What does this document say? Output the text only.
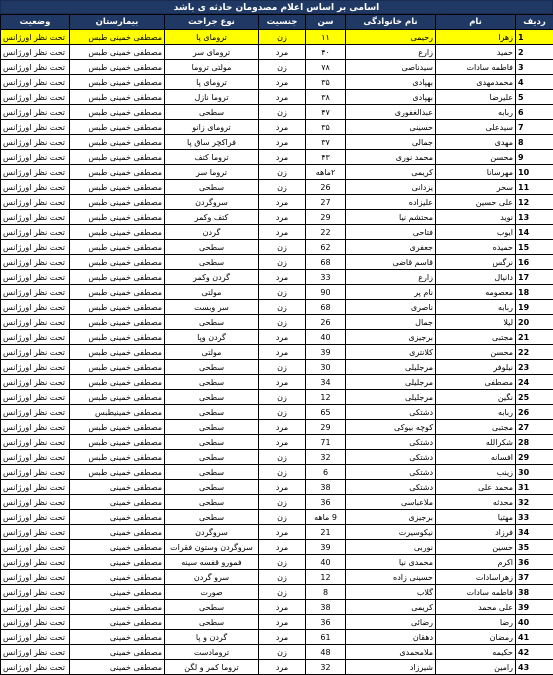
اسامی بر اساس اعلام مصدومان حادثه ی باشد
ردیف	نام	نام خانوادگی	سن	جنسیت	نوع جراحت	بیمارستان	وضعیت
1	زهرا	رحیمی	۱۱	زن	ترومای پا	مصطفی خمینی طبس	تحت نظر اورژانس
2	حمید	زارع	۴۰	مرد	ترومای سر	مصطفی خمینی طبس	تحت نظر اورژانس
3	فاطمه سادات	سیدناصی	۷۸	زن	مولتی تروما	مصطفی خمینی طبس	تحت نظر اورژانس
4	محمدمهدی	بهپادی	۳۵	مرد	ترومای پا	مصطفی خمینی طبس	تحت نظر اورژانس
5	علیرضا	بهپادی	۳۸	مرد	تروما نازل	مصطفی خمینی طبس	تحت نظر اورژانس
6	ربابه	عبدالغفوری	۴۷	زن	سطحی	مصطفی خمینی طبس	تحت نظر اورژانس
7	سیدعلی	حسینی	۳۵	مرد	ترومای زانو	مصطفی خمینی طبس	تحت نظر اورژانس
8	مهدی	جمالی	۳۷	مرد	فراکچر ساق پا	مصطفی خمینی طبس	تحت نظر اورژانس
9	محسن	محمد نوری	۴۳	مرد	تروما کتف	مصطفی خمینی طبس	تحت نظر اورژانس
10	مهرسانا	کریمی	۲ماهه	زن	تروما سر	مصطفی خمینی طبس	تحت نظر اورژانس
11	سحر	یزدانی	26	زن	سطحی	مصطفی خمینی طبس	تحت نظر اورژانس
12	علی حسین	علیزاده	27	مرد	سروگردن	مصطفی خمینی طبس	تحت نظر اورژانس
13	نوید	محتشم نیا	29	مرد	کتف وکمر	مصطفی خمینی طبس	تحت نظر اورژانس
14	ایوب	فتاحی	22	مرد	گردن	مصطفی خمینی طبس	تحت نظر اورژانس
15	حمیده	جعفری	62	زن	سطحی	مصطفی خمینی طبس	تحت نظر اورژانس
16	نرگس	قاسم قاضی	68	زن	سطحی	مصطفی خمینی طبس	تحت نظر اورژانس
17	دانیال	زارع	33	مرد	گردن وکمر	مصطفی خمینی طبس	تحت نظر اورژانس
18	معصومه	نام پر	90	زن	مولتی	مصطفی خمینی طبس	تحت نظر اورژانس
19	ربابه	ناصری	68	زن	سر وبست	مصطفی خمینی طبس	تحت نظر اورژانس
20	لیلا	جمال	26	زن	سطحی	مصطفی خمینی طبس	تحت نظر اورژانس
21	مجتبی	برجیزی	40	مرد	گردن وپا	مصطفی خمینی طبس	تحت نظر اورژانس
22	محسن	کلانتری	39	مرد	مولتی	مصطفی خمینی طبس	تحت نظر اورژانس
23	نیلوفر	مرجلیلی	30	زن	سطحی	مصطفی خمینی طبس	تحت نظر اورژانس
24	مصطفی	مرجلیلی	34	مرد	سطحی	مصطفی خمینی طبس	تحت نظر اورژانس
25	نگین	مرجلیلی	12	زن	سطحی	مصطفی خمینی طبس	تحت نظر اورژانس
26	ربابه	دشتکی	65	زن	سطحی	مصطفی خمینیطبس	تحت نظر اورژانس
27	مجتبی	کوچه بیوکی	29	مرد	سطحی	مصطفی خمینی طبس	تحت نظر اورژانس
28	شکرالله	دشتکی	71	مرد	سطحی	مصطفی خمینی طبس	تحت نظر اورژانس
29	افسانه	دشتکی	32	زن	سطحی	مصطفی خمینی طبس	تحت نظر اورژانس
30	زینب	دشتکی	6	زن	سطحی	مصطفی خمینی طبس	تحت نظر اورژانس
31	محمد علی	دشتکی	38	مرد	سطحی	مصطفی خمینی	تحت نظر اورژانس
32	محدثه	ملاعباسی	36	زن	سطحی	مصطفی خمینی	تحت نظر اورژانس
33	مهتیا	برجیزی	9 ماهه	زن	سطحی	مصطفی خمینی	تحت نظر اورژانس
34	فرزاد	نیکوسیرت	21	مرد	سروگردن	مصطفی خمینی	تحت نظر اورژانس
35	حسین	نوربی	39	مرد	سروگردن وستون فقرات	مصطفی خمینی	تحت نظر اورژانس
36	اکرم	محمدی نیا	40	زن	فمورو قفسه سینه	مصطفی خمینی	تحت نظر اورژانس
37	زهراسادات	حسینی زاده	12	زن	سرو گردن	مصطفی خمینی	تحت نظر اورژانس
38	فاطمه سادات	گلاب	8	زن	صورت	مصطفی خمینی	تحت نظر اورژانس
39	علی محمد	کریمی	38	مرد	سطحی	مصطفی خمینی	تحت نظر اورژانس
40	رضا	رضائی	36	مرد	سطحی	مصطفی خمینی	تحت نظر اورژانس
41	رمضان	دهقان	61	مرد	گردن و پا	مصطفی خمینی	تحت نظر اورژانس
42	حکیمه	ملامحمدی	48	زن	ترومادست	مصطفی خمینی	تحت نظر اورژانس
43	رامین	شیرزاد	32	مرد	تروما کمر و لگن	مصطفی خمینی	تحت نظر اورژانس
